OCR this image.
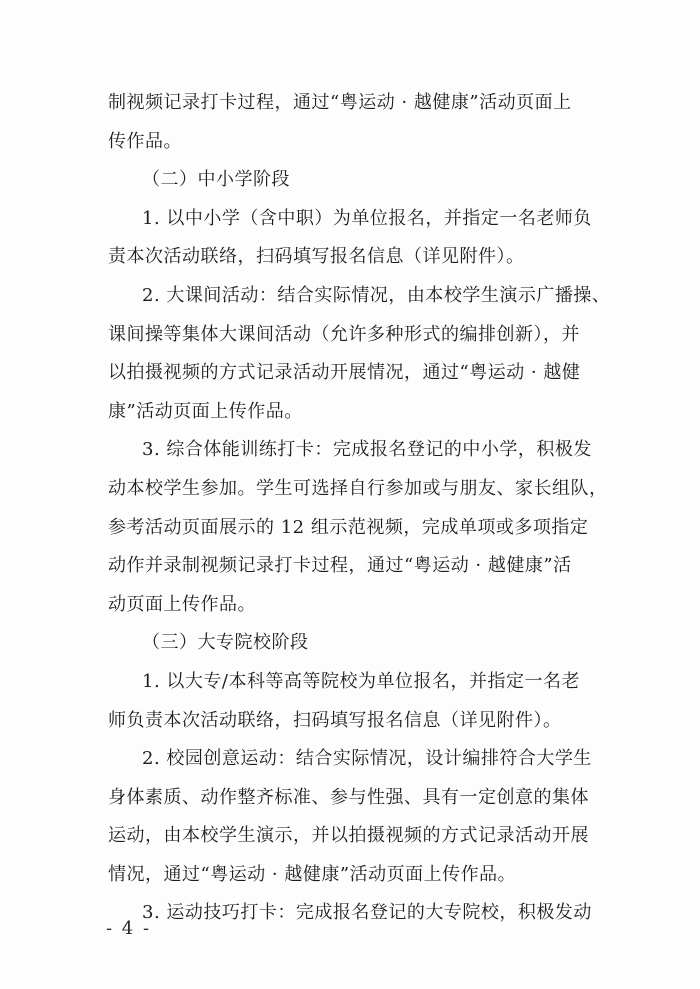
制视频记录打卡过程，通过“粤运动 · 越健康”活动页面上
传作品。

（二）中小学阶段

1. 以中小学（含中职）为单位报名，并指定一名老师负
责本次活动联络，扫码填写报名信息（详见附件）。

2. 大课间活动：结合实际情况，由本校学生演示广播操、
课间操等集体大课间活动（允许多种形式的编排创新），并
以拍摄视频的方式记录活动开展情况，通过“粤运动 · 越健
康”活动页面上传作品。

3. 综合体能训练打卡：完成报名登记的中小学，积极发
动本校学生参加。学生可选择自行参加或与朋友、家长组队，
参考活动页面展示的 12 组示范视频，完成单项或多项指定
动作并录制视频记录打卡过程，通过“粤运动 · 越健康”活
动页面上传作品。

（三）大专院校阶段

1. 以大专/本科等高等院校为单位报名，并指定一名老
师负责本次活动联络，扫码填写报名信息（详见附件）。

2. 校园创意运动：结合实际情况，设计编排符合大学生
身体素质、动作整齐标准、参与性强、具有一定创意的集体
运动，由本校学生演示，并以拍摄视频的方式记录活动开展
情况，通过“粤运动 · 越健康”活动页面上传作品。

3. 运动技巧打卡：完成报名登记的大专院校，积极发动

- 4 -
